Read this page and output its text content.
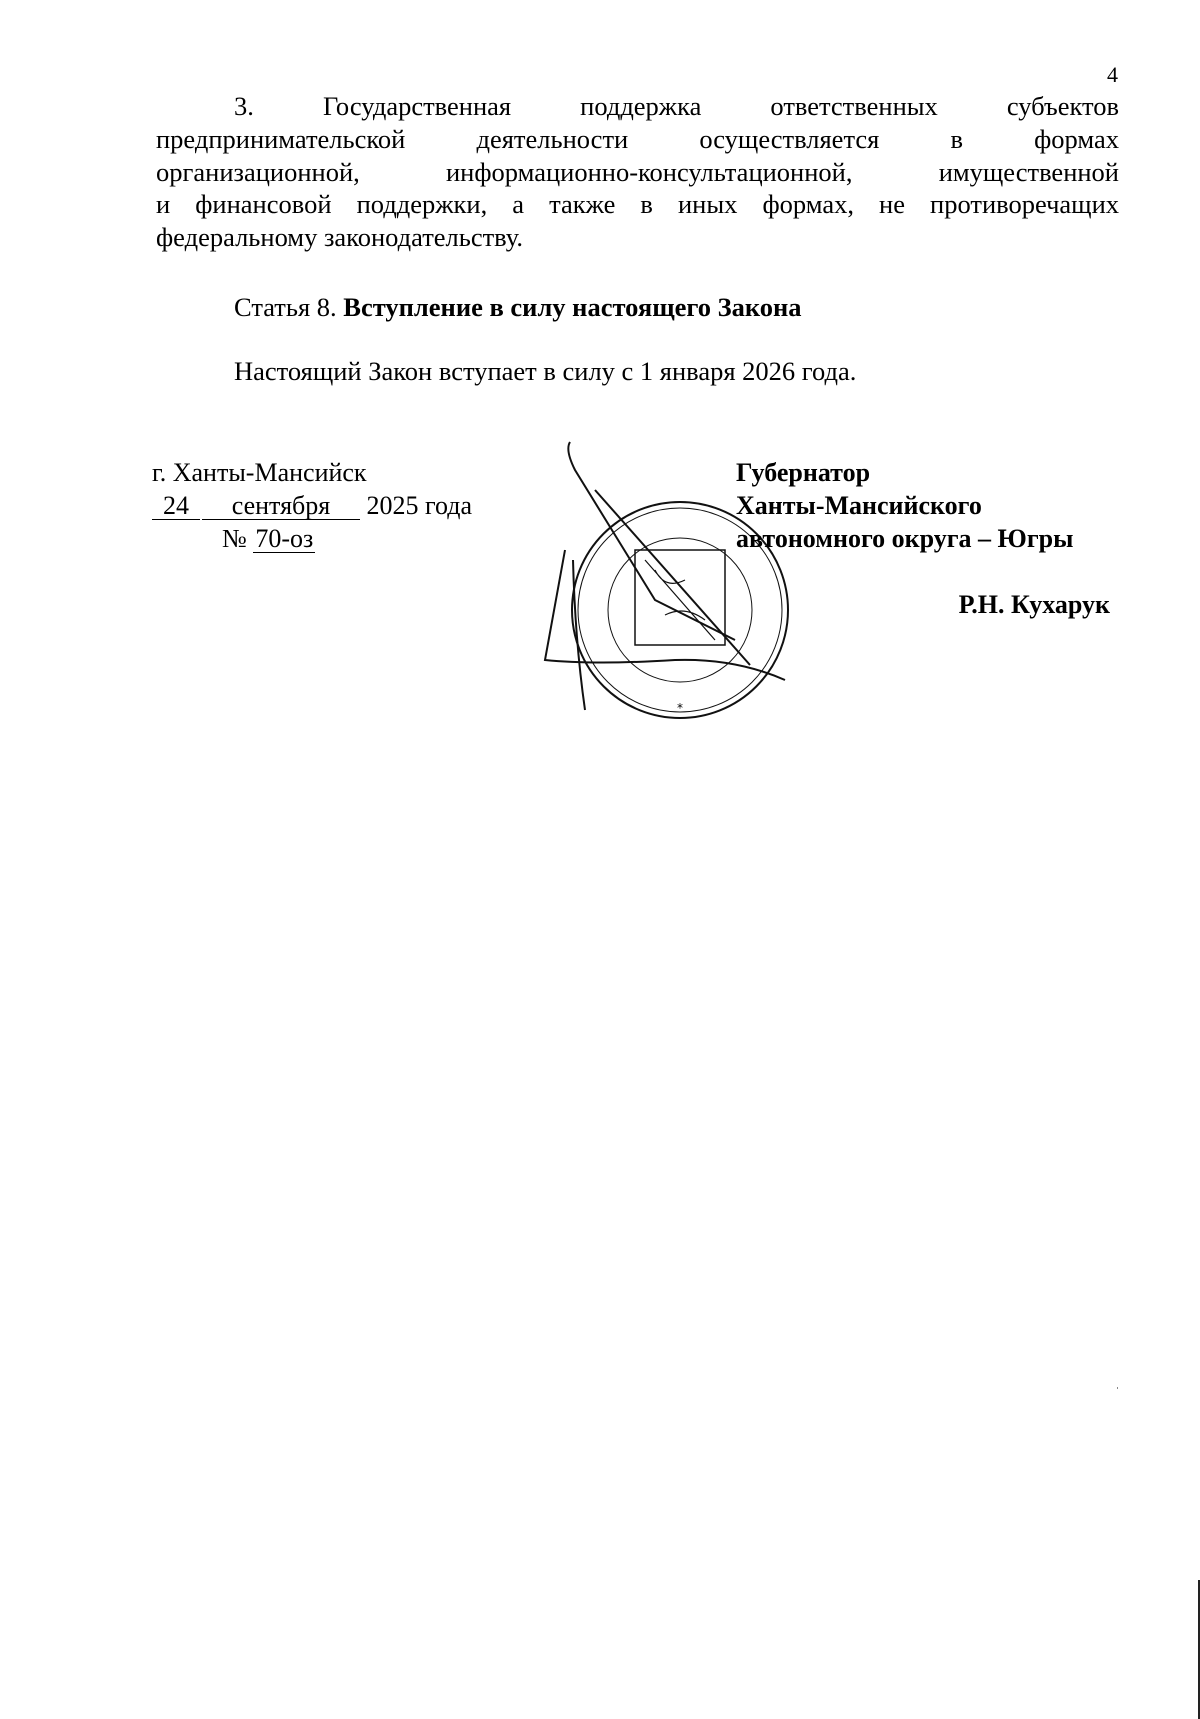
4
3. Государственная поддержка ответственных субъектов
предпринимательской деятельности осуществляется в формах
организационной, информационно-консультационной, имущественной
и финансовой поддержки, а также в иных формах, не противоречащих
федеральному законодательству.
Статья 8. Вступление в силу настоящего Закона
Настоящий Закон вступает в силу с 1 января 2026 года.
г. Ханты-Мансийск
24 сентября 2025 года
№ 70-оз
*
Губернатор
Ханты-Мансийского
автономного округа – Югры
Р.Н. Кухарук
